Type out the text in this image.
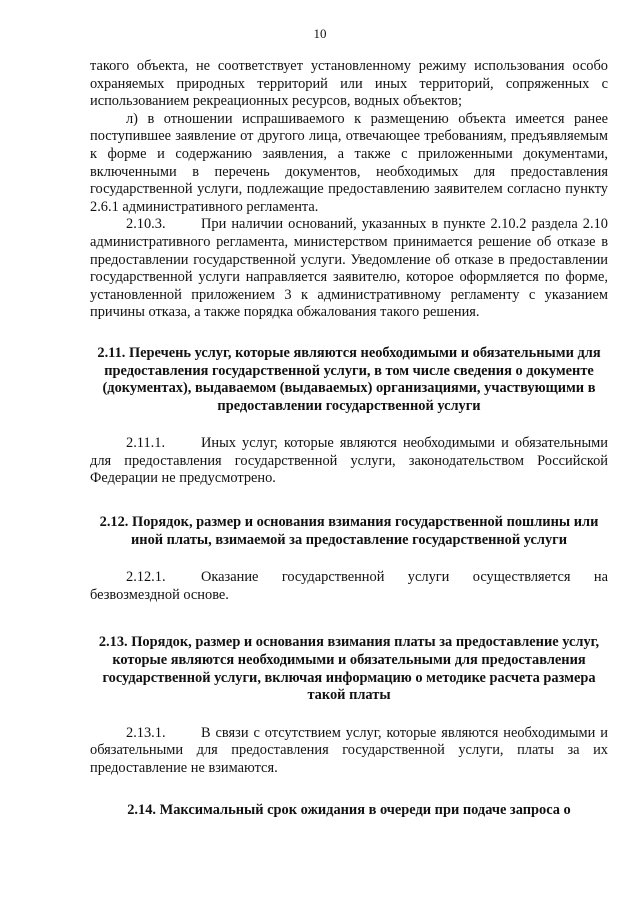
10

такого объекта, не соответствует установленному режиму использования особо охраняемых природных территорий или иных территорий, сопряженных с использованием рекреационных ресурсов, водных объектов;

л) в отношении испрашиваемого к размещению объекта имеется ранее поступившее заявление от другого лица, отвечающее требованиям, предъявляемым к форме и содержанию заявления, а также с приложенными документами, включенными в перечень документов, необходимых для предоставления государственной услуги, подлежащие предоставлению заявителем согласно пункту 2.6.1 административного регламента.

2.10.3. При наличии оснований, указанных в пункте 2.10.2 раздела 2.10 административного регламента, министерством принимается решение об отказе в предоставлении государственной услуги. Уведомление об отказе в предоставлении государственной услуги направляется заявителю, которое оформляется по форме, установленной приложением 3 к административному регламенту с указанием причины отказа, а также порядка обжалования такого решения.

2.11. Перечень услуг, которые являются необходимыми и обязательными для предоставления государственной услуги, в том числе сведения о документе (документах), выдаваемом (выдаваемых) организациями, участвующими в предоставлении государственной услуги

2.11.1. Иных услуг, которые являются необходимыми и обязательными для предоставления государственной услуги, законодательством Российской Федерации не предусмотрено.

2.12. Порядок, размер и основания взимания государственной пошлины или иной платы, взимаемой за предоставление государственной услуги

2.12.1. Оказание государственной услуги осуществляется на безвозмездной основе.

2.13. Порядок, размер и основания взимания платы за предоставление услуг, которые являются необходимыми и обязательными для предоставления государственной услуги, включая информацию о методике расчета размера такой платы

2.13.1. В связи с отсутствием услуг, которые являются необходимыми и обязательными для предоставления государственной услуги, платы за их предоставление не взимаются.

2.14. Максимальный срок ожидания в очереди при подаче запроса о
